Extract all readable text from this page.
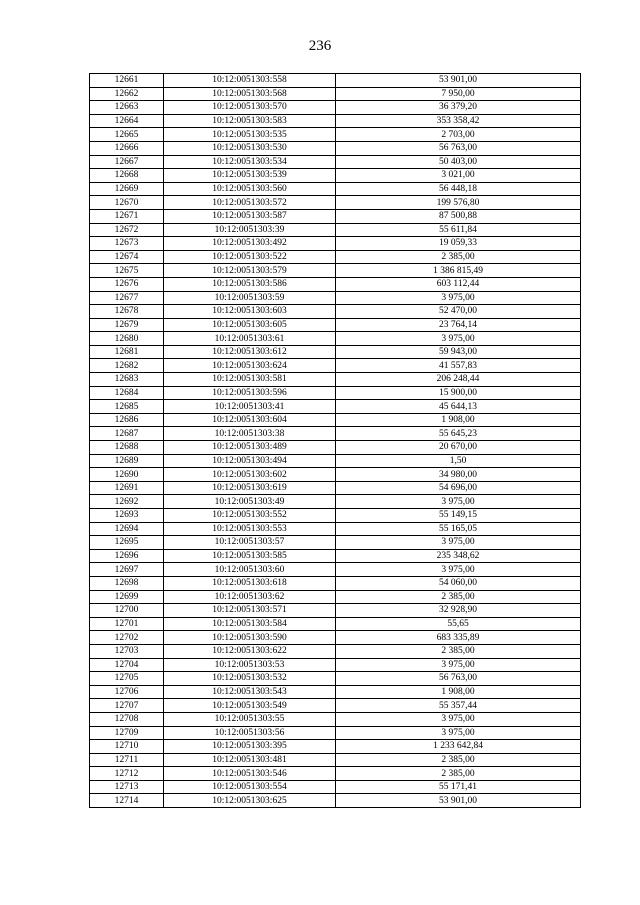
236
12661	10:12:0051303:558	53 901,00
12662	10:12:0051303:568	7 950,00
12663	10:12:0051303:570	36 379,20
12664	10:12:0051303:583	353 358,42
12665	10:12:0051303:535	2 703,00
12666	10:12:0051303:530	56 763,00
12667	10:12:0051303:534	50 403,00
12668	10:12:0051303:539	3 021,00
12669	10:12:0051303:560	56 448,18
12670	10:12:0051303:572	199 576,80
12671	10:12:0051303:587	87 500,88
12672	10:12:0051303:39	55 611,84
12673	10:12:0051303:492	19 059,33
12674	10:12:0051303:522	2 385,00
12675	10:12:0051303:579	1 386 815,49
12676	10:12:0051303:586	603 112,44
12677	10:12:0051303:59	3 975,00
12678	10:12:0051303:603	52 470,00
12679	10:12:0051303:605	23 764,14
12680	10:12:0051303:61	3 975,00
12681	10:12:0051303:612	59 943,00
12682	10:12:0051303:624	41 557,83
12683	10:12:0051303:581	206 248,44
12684	10:12:0051303:596	15 900,00
12685	10:12:0051303:41	45 644,13
12686	10:12:0051303:604	1 908,00
12687	10:12:0051303:38	55 645,23
12688	10:12:0051303:489	20 670,00
12689	10:12:0051303:494	1,50
12690	10:12:0051303:602	34 980,00
12691	10:12:0051303:619	54 696,00
12692	10:12:0051303:49	3 975,00
12693	10:12:0051303:552	55 149,15
12694	10:12:0051303:553	55 165,05
12695	10:12:0051303:57	3 975,00
12696	10:12:0051303:585	235 348,62
12697	10:12:0051303:60	3 975,00
12698	10:12:0051303:618	54 060,00
12699	10:12:0051303:62	2 385,00
12700	10:12:0051303:571	32 928,90
12701	10:12:0051303:584	55,65
12702	10:12:0051303:590	683 335,89
12703	10:12:0051303:622	2 385,00
12704	10:12:0051303:53	3 975,00
12705	10:12:0051303:532	56 763,00
12706	10:12:0051303:543	1 908,00
12707	10:12:0051303:549	55 357,44
12708	10:12:0051303:55	3 975,00
12709	10:12:0051303:56	3 975,00
12710	10:12:0051303:395	1 233 642,84
12711	10:12:0051303:481	2 385,00
12712	10:12:0051303:546	2 385,00
12713	10:12:0051303:554	55 171,41
12714	10:12:0051303:625	53 901,00
